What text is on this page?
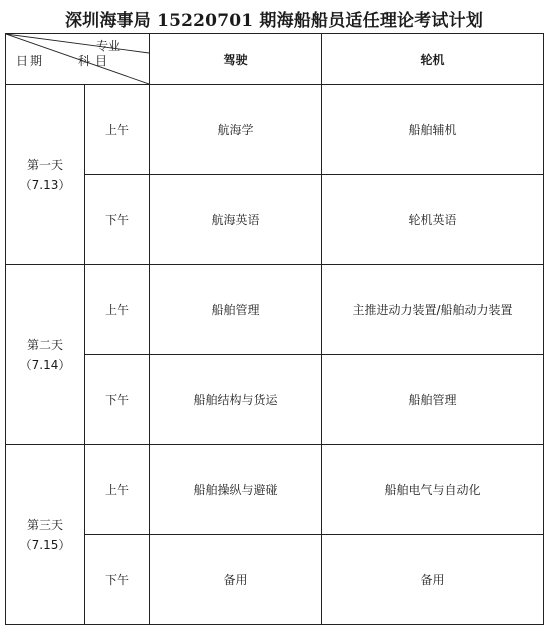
深圳海事局 15220701 期海船船员适任理论考试计划
专业
科目
日期		驾驶	轮机

第一天
（7.13）	上午	航海学	船舶辅机
	下午	航海英语	轮机英语

第二天
（7.14）	上午	船舶管理	主推进动力装置/船舶动力装置
	下午	船舶结构与货运	船舶管理

第三天
（7.15）	上午	船舶操纵与避碰	船舶电气与自动化
	下午	备用	备用
